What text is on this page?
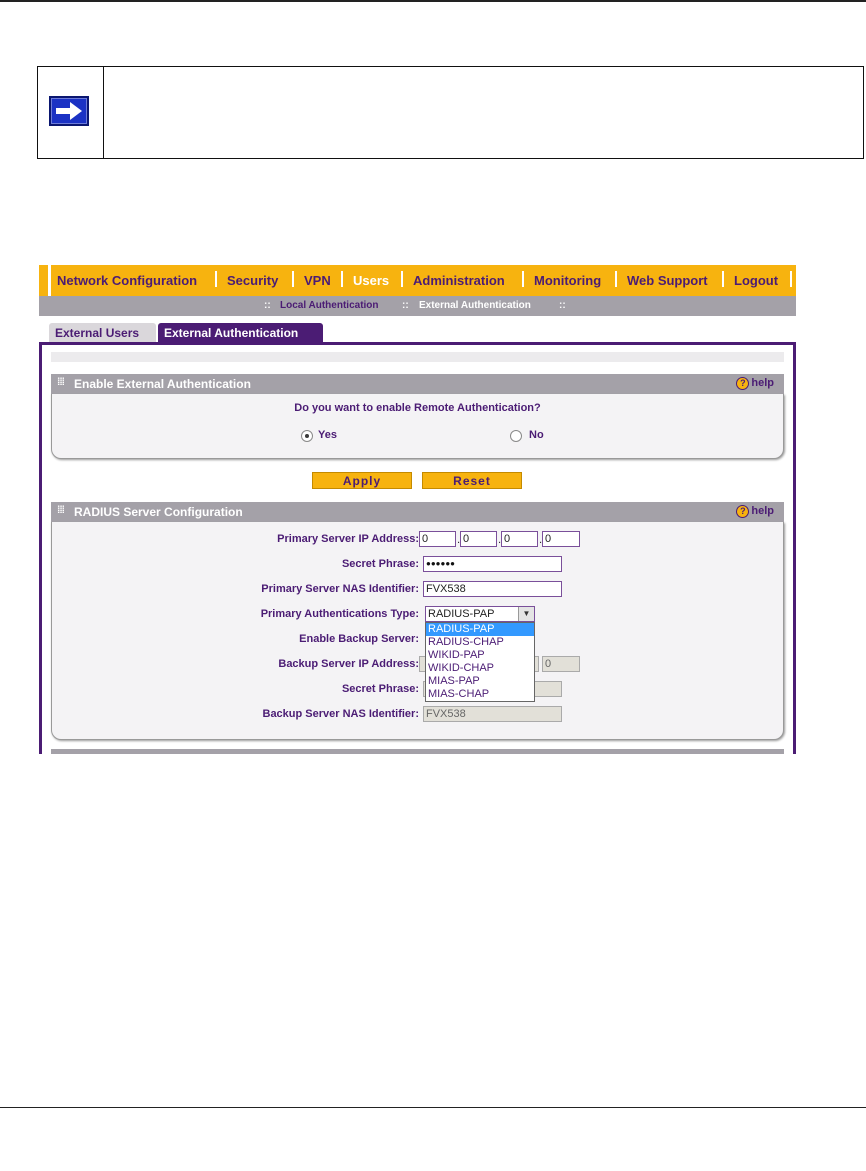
Network Configuration Security VPN Users Administration Monitoring Web Support Logout
:: Local Authentication :: External Authentication	::
External Users	External Authentication
⁞⁞⁞ Enable External Authentication	? help
Do you want to enable Remote Authentication?
Yes	No
Apply	Reset
⁞⁞⁞ RADIUS Server Configuration	? help
Primary Server IP Address: 0	. 0	. 0	. 0
Secret Phrase: ●●●●●●
Primary Server NAS Identifier: FVX538
Primary Authentications Type: RADIUS-PAP	▼
Enable Backup Server:
Backup Server IP Address:	0
Secret Phrase:
Backup Server NAS Identifier: FVX538
RADIUS-PAP
RADIUS-CHAP
WIKID-PAP
WIKID-CHAP
MIAS-PAP
MIAS-CHAP
